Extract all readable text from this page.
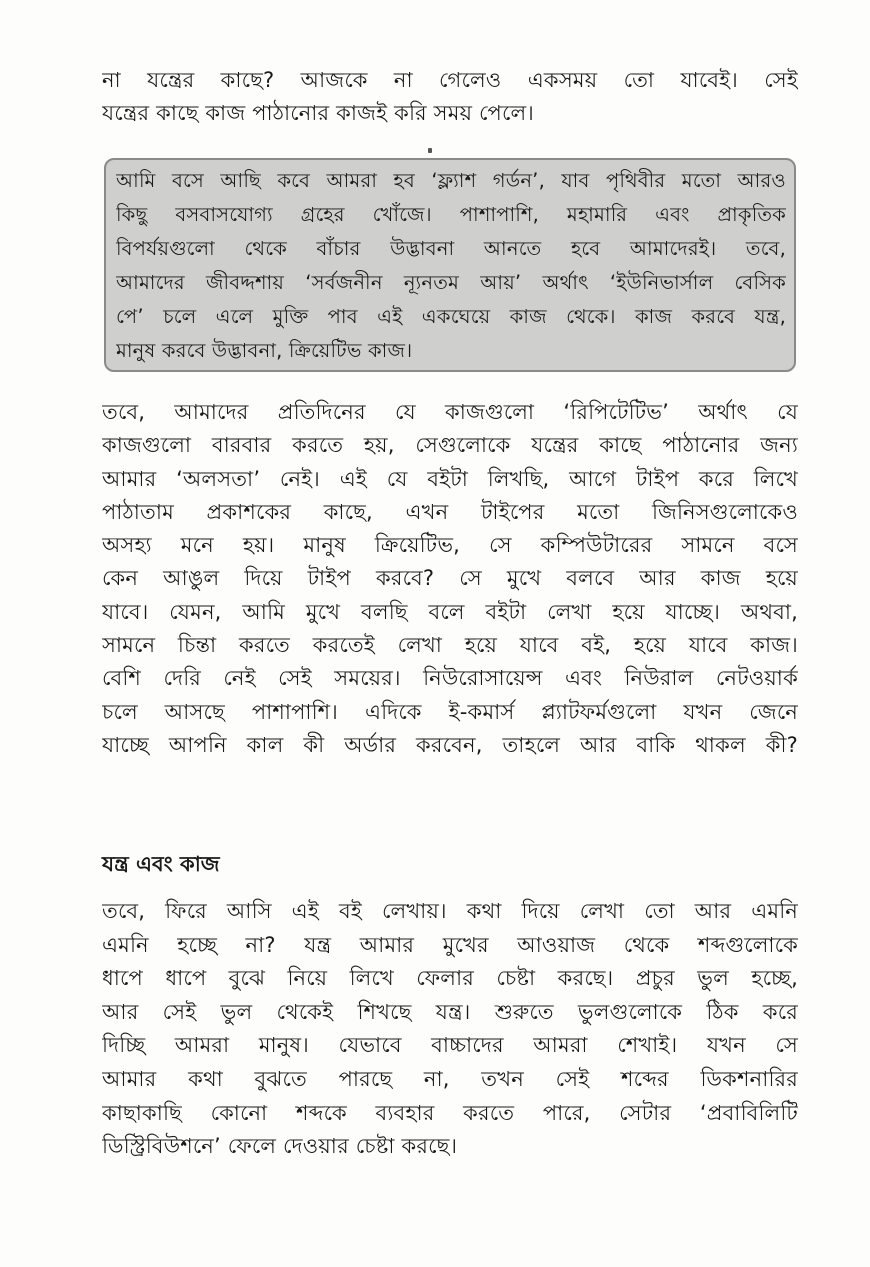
না যন্ত্রের কাছে? আজকে না গেলেও একসময় তো যাবেই। সেই
যন্ত্রের কাছে কাজ পাঠানোর কাজই করি সময় পেলে।

আমি বসে আছি কবে আমরা হব ‘ফ্ল্যাশ গর্ডন’, যাব পৃথিবীর মতো আরও
কিছু বসবাসযোগ্য গ্রহের খোঁজে। পাশাপাশি, মহামারি এবং প্রাকৃতিক
বিপর্যয়গুলো থেকে বাঁচার উদ্ভাবনা আনতে হবে আমাদেরই। তবে,
আমাদের জীবদ্দশায় ‘সর্বজনীন ন্যূনতম আয়’ অর্থাৎ ‘ইউনিভার্সাল বেসিক
পে’ চলে এলে মুক্তি পাব এই একঘেয়ে কাজ থেকে। কাজ করবে যন্ত্র,
মানুষ করবে উদ্ভাবনা, ক্রিয়েটিভ কাজ।

তবে, আমাদের প্রতিদিনের যে কাজগুলো ‘রিপিটেটিভ’ অর্থাৎ যে
কাজগুলো বারবার করতে হয়, সেগুলোকে যন্ত্রের কাছে পাঠানোর জন্য
আমার ‘অলসতা’ নেই। এই যে বইটা লিখছি, আগে টাইপ করে লিখে
পাঠাতাম প্রকাশকের কাছে, এখন টাইপের মতো জিনিসগুলোকেও
অসহ্য মনে হয়। মানুষ ক্রিয়েটিভ, সে কম্পিউটারের সামনে বসে
কেন আঙুল দিয়ে টাইপ করবে? সে মুখে বলবে আর কাজ হয়ে
যাবে। যেমন, আমি মুখে বলছি বলে বইটা লেখা হয়ে যাচ্ছে। অথবা,
সামনে চিন্তা করতে করতেই লেখা হয়ে যাবে বই, হয়ে যাবে কাজ।
বেশি দেরি নেই সেই সময়ের। নিউরোসায়েন্স এবং নিউরাল নেটওয়ার্ক
চলে আসছে পাশাপাশি। এদিকে ই-কমার্স প্ল্যাটফর্মগুলো যখন জেনে
যাচ্ছে আপনি কাল কী অর্ডার করবেন, তাহলে আর বাকি থাকল কী?

যন্ত্র এবং কাজ

তবে, ফিরে আসি এই বই লেখায়। কথা দিয়ে লেখা তো আর এমনি
এমনি হচ্ছে না? যন্ত্র আমার মুখের আওয়াজ থেকে শব্দগুলোকে
ধাপে ধাপে বুঝে নিয়ে লিখে ফেলার চেষ্টা করছে। প্রচুর ভুল হচ্ছে,
আর সেই ভুল থেকেই শিখছে যন্ত্র। শুরুতে ভুলগুলোকে ঠিক করে
দিচ্ছি আমরা মানুষ। যেভাবে বাচ্চাদের আমরা শেখাই। যখন সে
আমার কথা বুঝতে পারছে না, তখন সেই শব্দের ডিকশনারির
কাছাকাছি কোনো শব্দকে ব্যবহার করতে পারে, সেটার ‘প্রবাবিলিটি
ডিস্ট্রিবিউশনে’ ফেলে দেওয়ার চেষ্টা করছে।
